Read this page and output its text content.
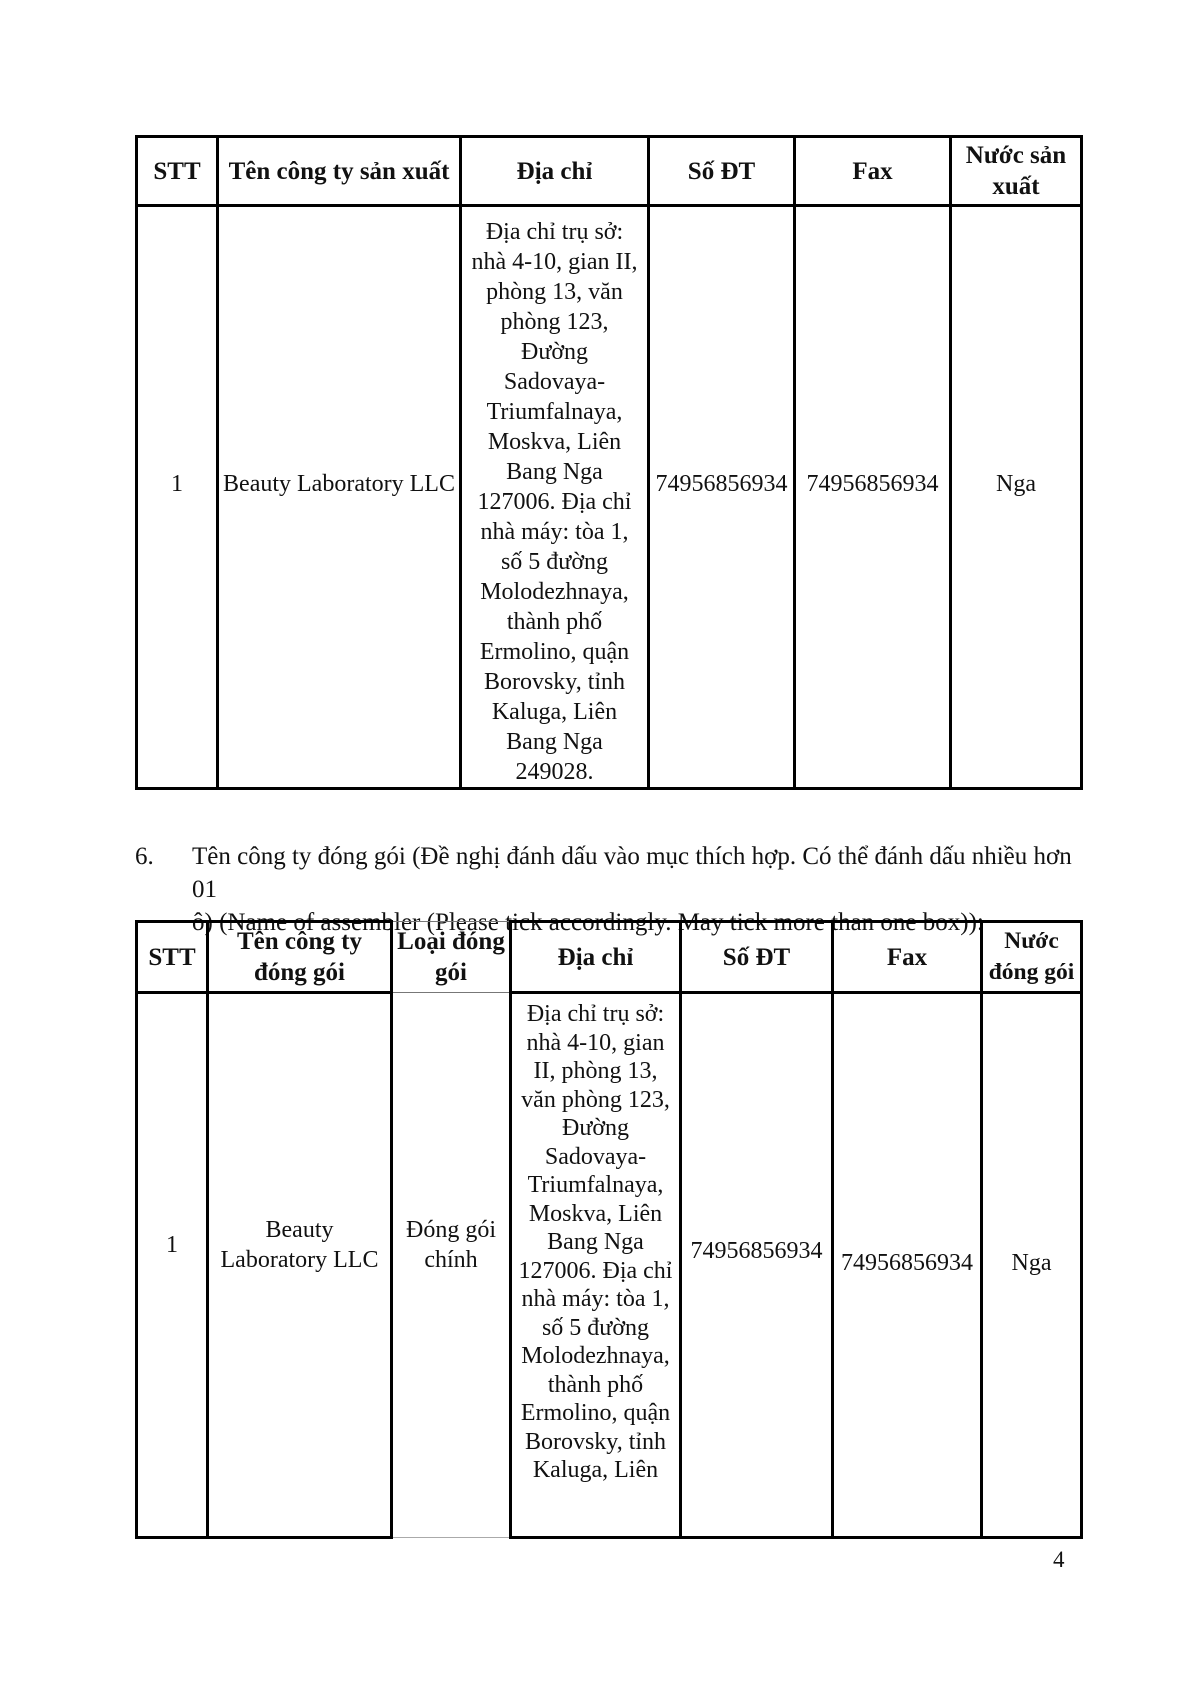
STT	Tên công ty sản xuất	Địa chỉ	Số ĐT	Fax	Nước sản xuất

1	Beauty Laboratory LLC	Địa chỉ trụ sở: nhà 4-10, gian II, phòng 13, văn phòng 123, Đường Sadovaya-Triumfalnaya, Moskva, Liên Bang Nga 127006. Địa chỉ nhà máy: tòa 1, số 5 đường Molodezhnaya, thành phố Ermolino, quận Borovsky, tỉnh Kaluga, Liên Bang Nga 249028.	74956856934	74956856934	Nga
6. Tên công ty đóng gói (Đề nghị đánh dấu vào mục thích hợp. Có thể đánh dấu nhiều hơn 01
ô) (Name of assembler (Please tick accordingly. May tick more than one box)):
STT	Tên công ty đóng gói	Loại đóng gói	Địa chỉ	Số ĐT	Fax	Nước đóng gói

1	Beauty Laboratory LLC	Đóng gói chính	Địa chỉ trụ sở: nhà 4-10, gian II, phòng 13, văn phòng 123, Đường Sadovaya-Triumfalnaya, Moskva, Liên Bang Nga 127006. Địa chỉ nhà máy: tòa 1, số 5 đường Molodezhnaya, thành phố Ermolino, quận Borovsky, tỉnh Kaluga, Liên	74956856934	74956856934	Nga
4
